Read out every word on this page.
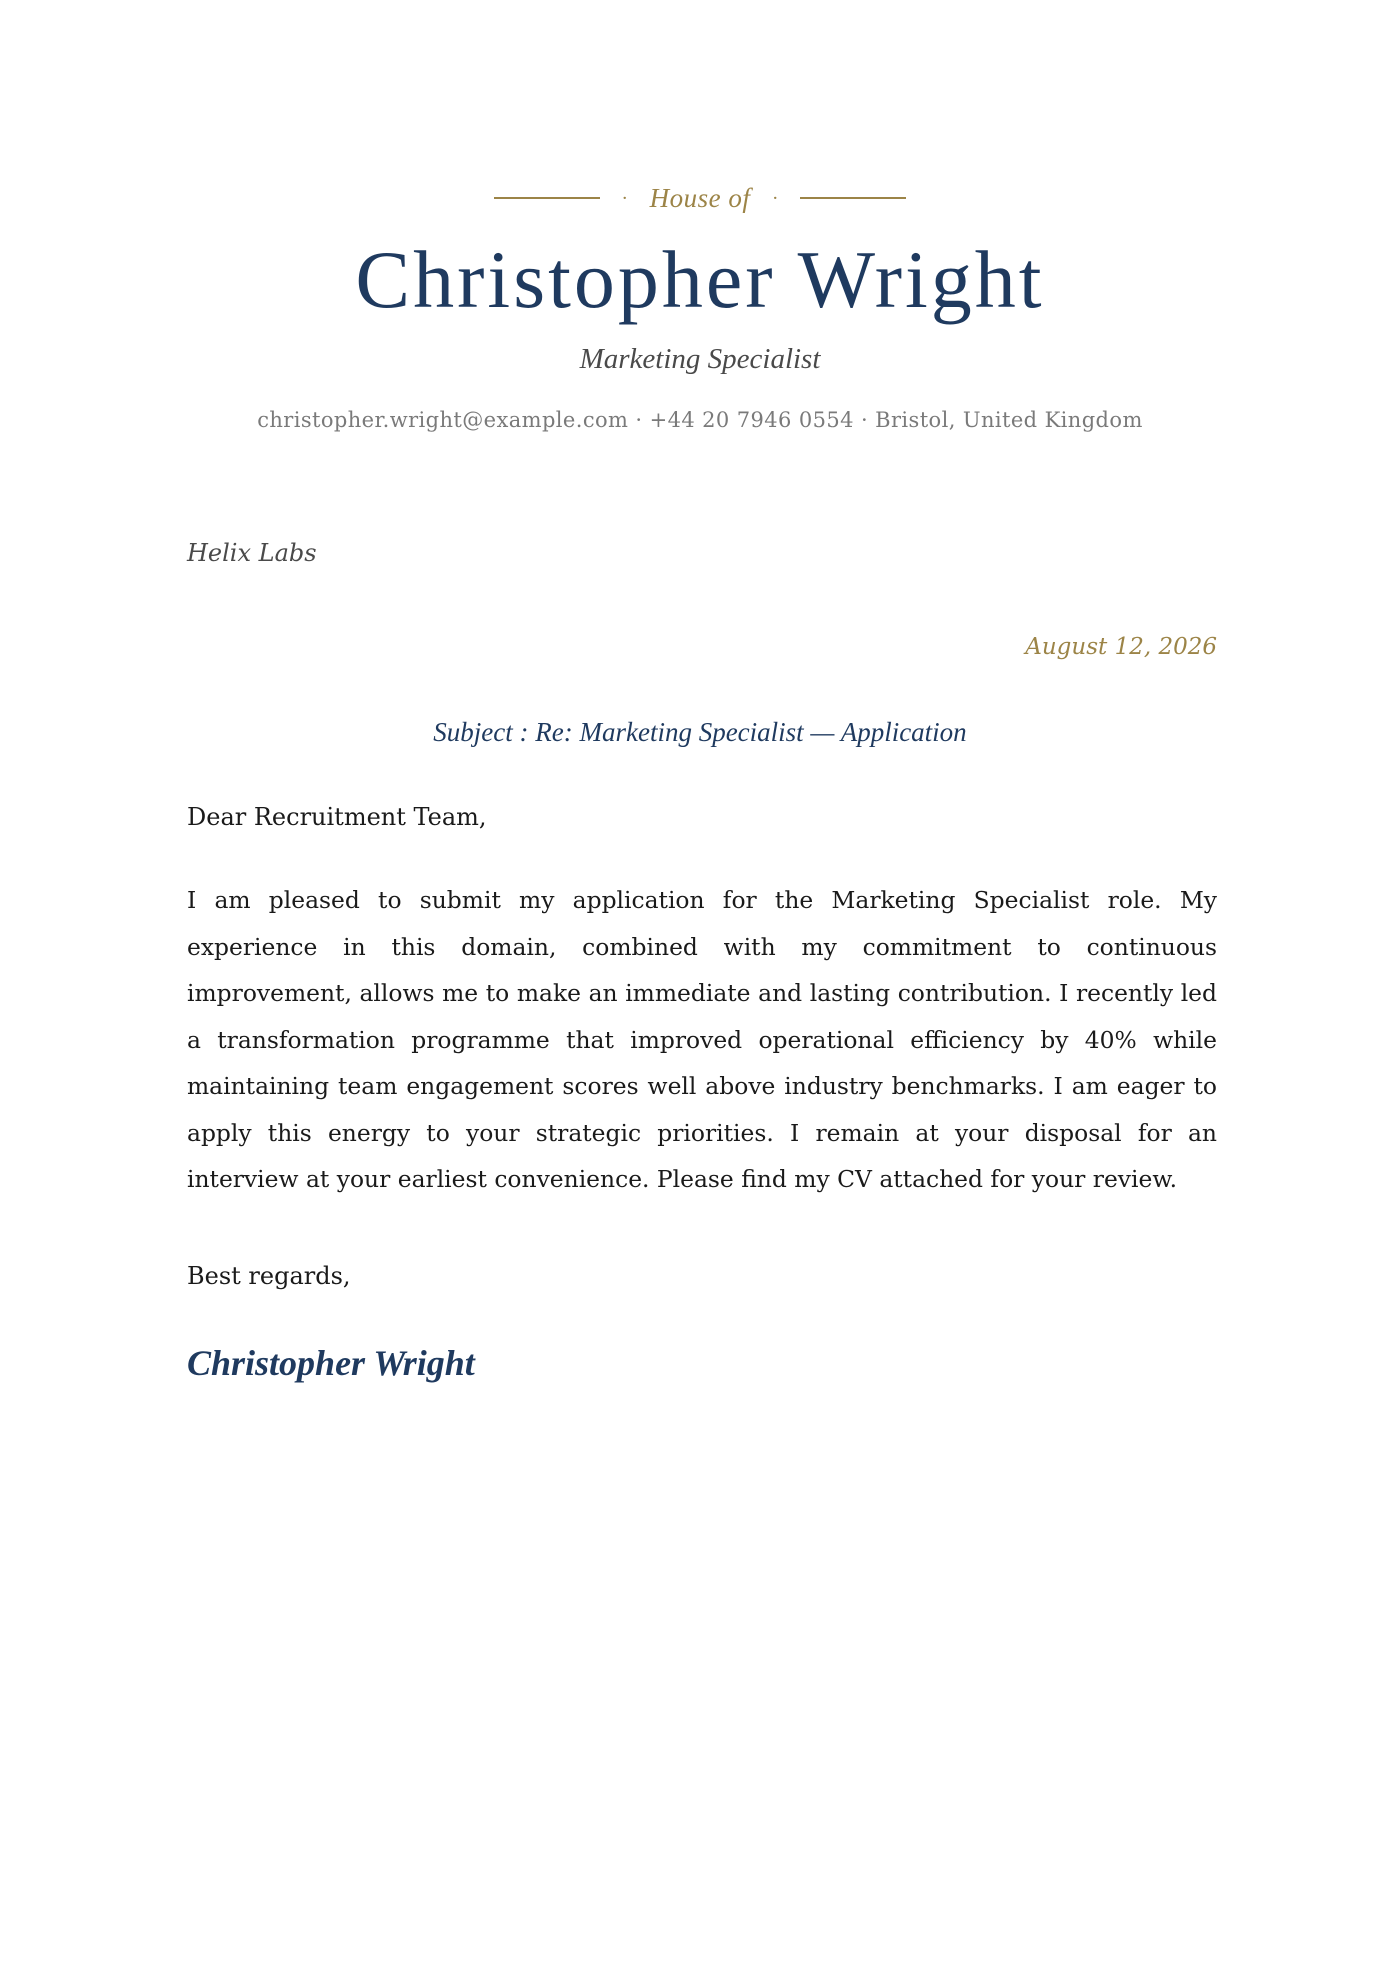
· House of ·
Christopher Wright
Marketing Specialist
christopher.wright@example.com · +44 20 7946 0554 · Bristol, United Kingdom
Helix Labs
August 12, 2026
Subject : Re: Marketing Specialist — Application
Dear Recruitment Team,

I am pleased to submit my application for the Marketing Specialist role. My experience in this domain, combined with my commitment to continuous improvement, allows me to make an immediate and lasting contribution. I recently led a transformation programme that improved operational efficiency by 40% while maintaining team engagement scores well above industry benchmarks. I am eager to apply this energy to your strategic priorities. I remain at your disposal for an interview at your earliest convenience. Please find my CV attached for your review.

Best regards,
Christopher Wright
